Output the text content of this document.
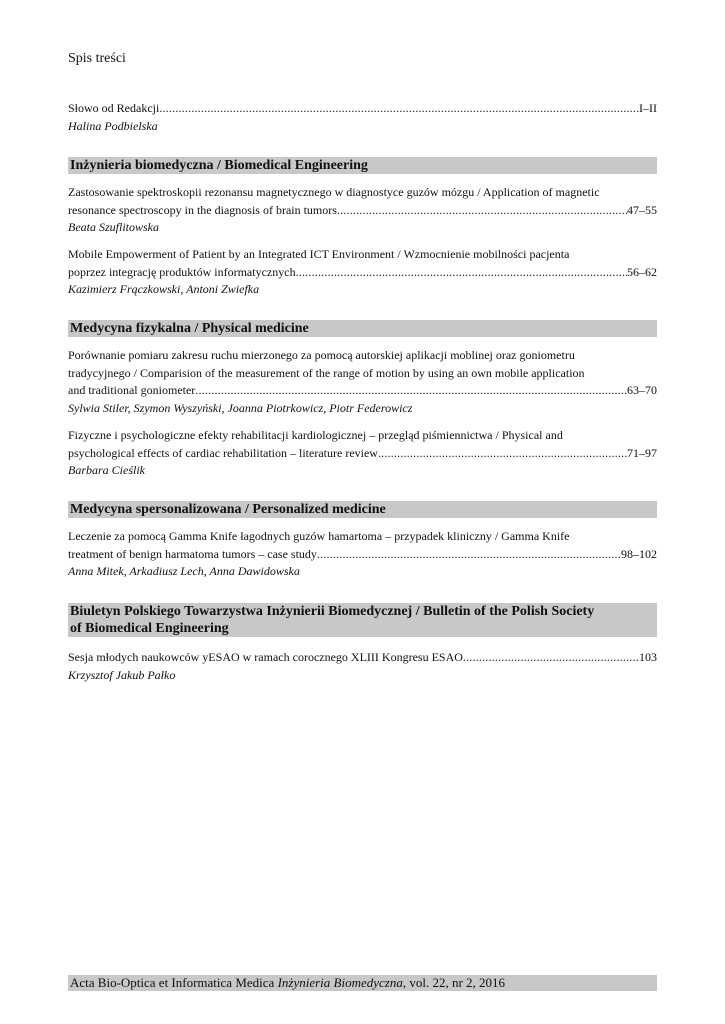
Spis treści
Słowo od Redakcji .....	I–II
Halina Podbielska
Inżynieria biomedyczna / Biomedical Engineering
Zastosowanie spektroskopii rezonansu magnetycznego w diagnostyce guzów mózgu / Application of magnetic
resonance spectroscopy in the diagnosis of brain tumors .....	47–55
Beata Szuflitowska
Mobile Empowerment of Patient by an Integrated ICT Environment / Wzmocnienie mobilności pacjenta
poprzez integrację produktów informatycznych .....	56–62
Kazimierz Frączkowski, Antoni Zwiefka
Medycyna fizykalna / Physical medicine
Porównanie pomiaru zakresu ruchu mierzonego za pomocą autorskiej aplikacji moblinej oraz goniometru
tradycyjnego / Comparision of the measurement of the range of motion by using an own mobile application
and traditional goniometer .....	63–70
Sylwia Stiler, Szymon Wyszyński, Joanna Piotrkowicz, Piotr Federowicz
Fizyczne i psychologiczne efekty rehabilitacji kardiologicznej – przegląd piśmiennictwa / Physical and
psychological effects of cardiac rehabilitation – literature review .....	71–97
Barbara Cieślik
Medycyna spersonalizowana / Personalized medicine
Leczenie za pomocą Gamma Knife łagodnych guzów hamartoma – przypadek kliniczny / Gamma Knife
treatment of benign harmatoma tumors – case study .....	98–102
Anna Mitek, Arkadiusz Lech, Anna Dawidowska
Biuletyn Polskiego Towarzystwa Inżynierii Biomedycznej / Bulletin of the Polish Society
of Biomedical Engineering
Sesja młodych naukowców yESAO w ramach corocznego XLIII Kongresu ESAO .....	103
Krzysztof Jakub Pałko
Acta Bio-Optica et Informatica Medica Inżynieria Biomedyczna, vol. 22, nr 2, 2016
